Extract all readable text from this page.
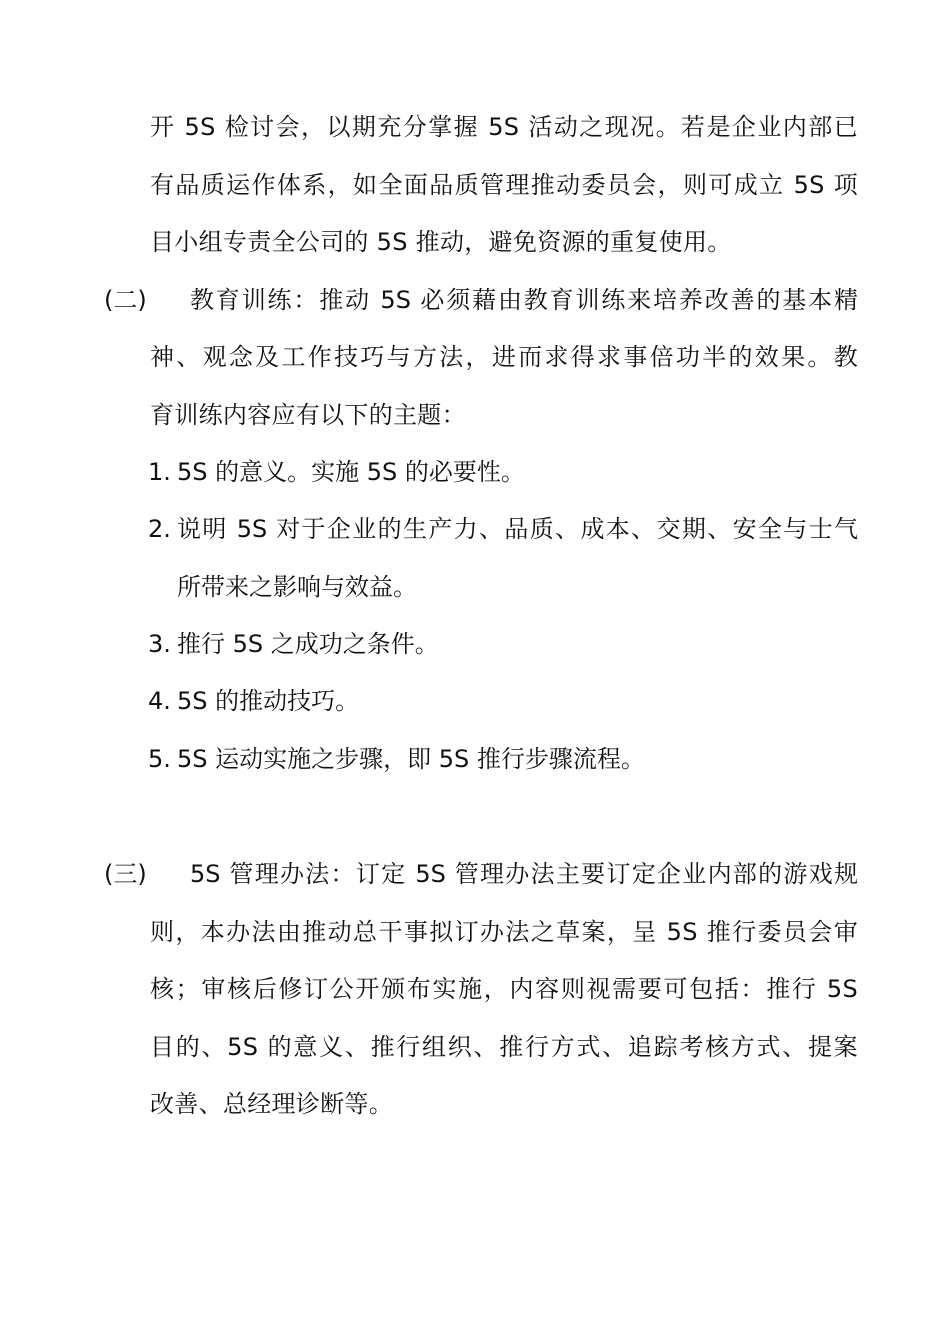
开 5S 检讨会，以期充分掌握 5S 活动之现况。若是企业内部已
有品质运作体系，如全面品质管理推动委员会，则可成立 5S 项
目小组专责全公司的 5S 推动，避免资源的重复使用。
(二) 教育训练：推动 5S 必须藉由教育训练来培养改善的基本精
神、观念及工作技巧与方法，进而求得求事倍功半的效果。教
育训练内容应有以下的主题：
1. 5S 的意义。实施 5S 的必要性。
2. 说明 5S 对于企业的生产力、品质、成本、交期、安全与士气
所带来之影响与效益。
3. 推行 5S 之成功之条件。
4. 5S 的推动技巧。
5. 5S 运动实施之步骤，即 5S 推行步骤流程。
(三) 5S 管理办法：订定 5S 管理办法主要订定企业内部的游戏规
则，本办法由推动总干事拟订办法之草案，呈 5S 推行委员会审
核；审核后修订公开颁布实施，内容则视需要可包括：推行 5S
目的、5S 的意义、推行组织、推行方式、追踪考核方式、提案
改善、总经理诊断等。
